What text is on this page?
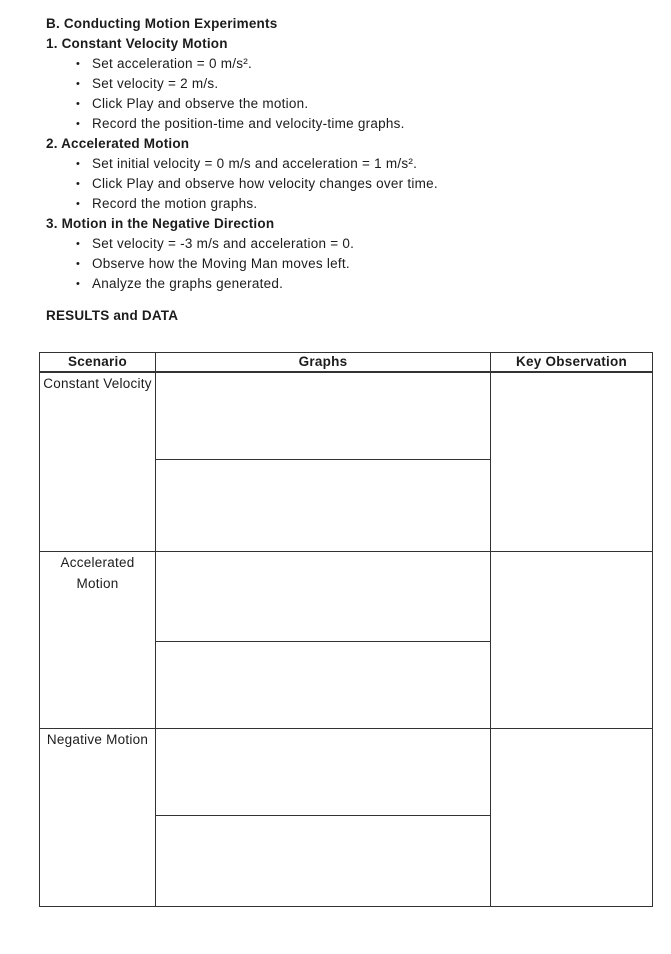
B. Conducting Motion Experiments
1. Constant Velocity Motion
• Set acceleration = 0 m/s².
• Set velocity = 2 m/s.
• Click Play and observe the motion.
• Record the position-time and velocity-time graphs.
2. Accelerated Motion
• Set initial velocity = 0 m/s and acceleration = 1 m/s².
• Click Play and observe how velocity changes over time.
• Record the motion graphs.
3. Motion in the Negative Direction
• Set velocity = -3 m/s and acceleration = 0.
• Observe how the Moving Man moves left.
• Analyze the graphs generated.
RESULTS and DATA
Scenario	Graphs	Key Observation
Constant Velocity		

Accelerated Motion		

Negative Motion		
